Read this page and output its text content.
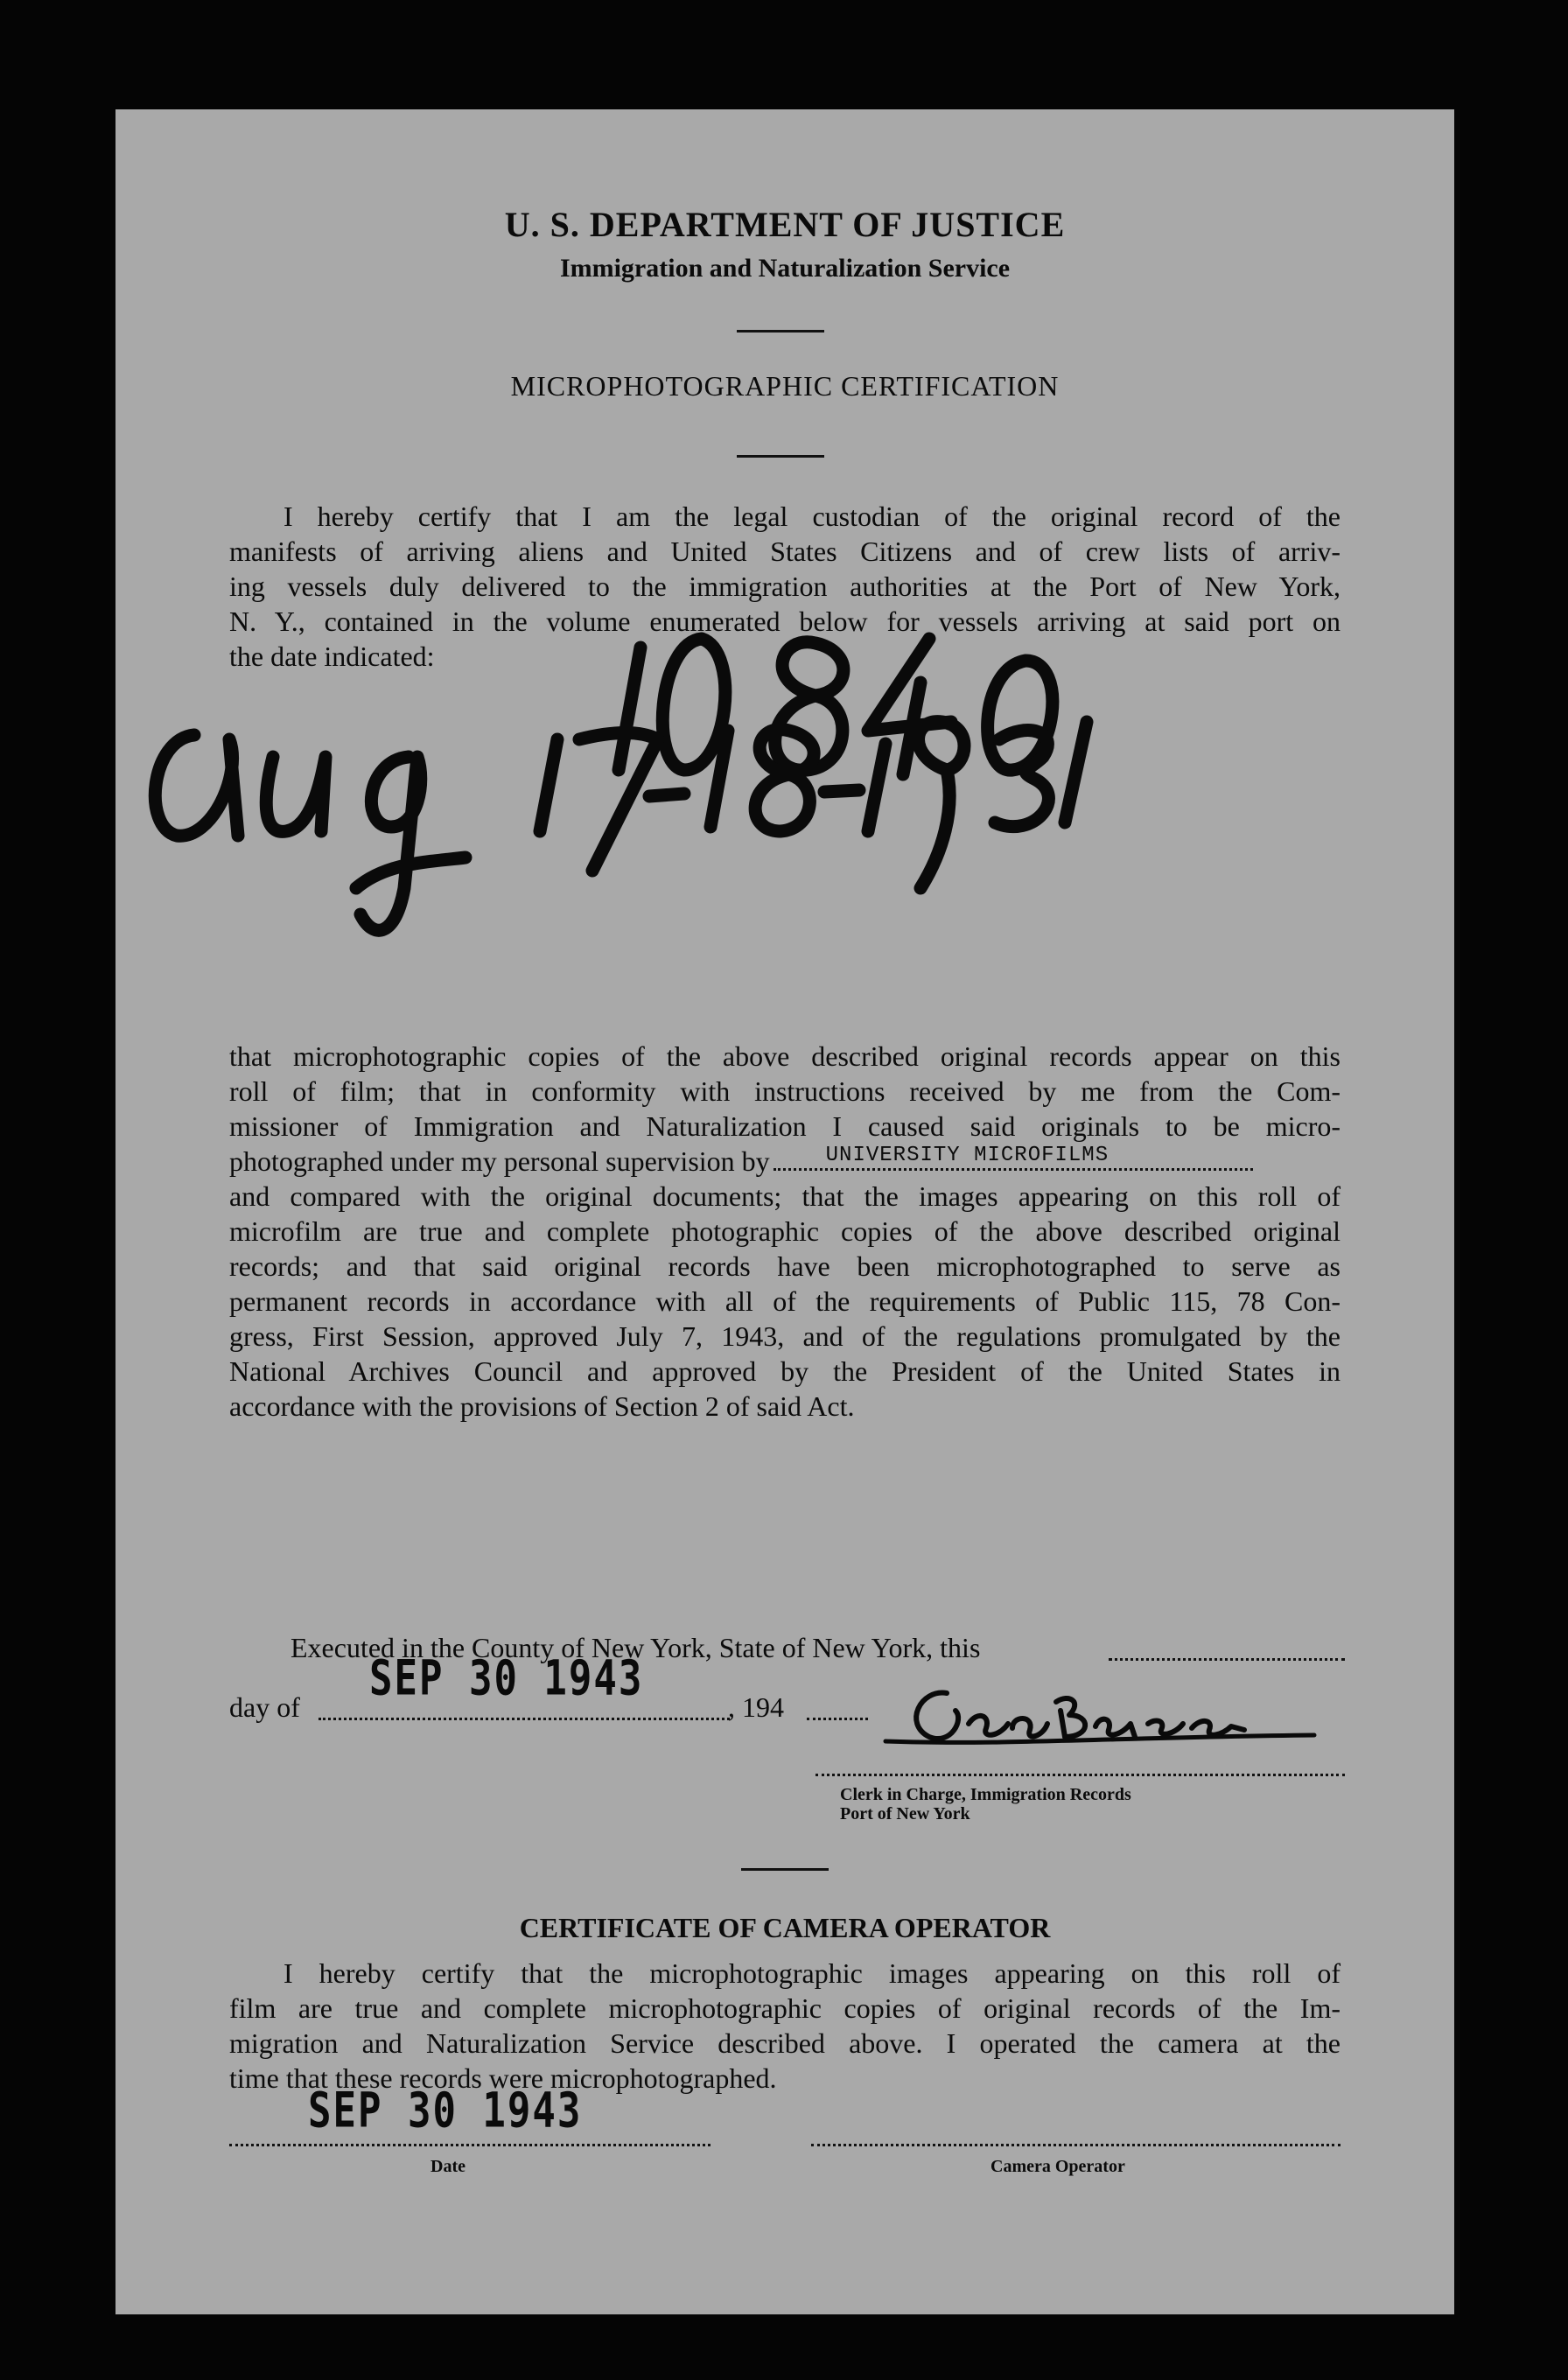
U. S. DEPARTMENT OF JUSTICE
Immigration and Naturalization Service
MICROPHOTOGRAPHIC CERTIFICATION
I hereby certify that I am the legal custodian of the original record of the
manifests of arriving aliens and United States Citizens and of crew lists of arriv-
ing vessels duly delivered to the immigration authorities at the Port of New York,
N. Y., contained in the volume enumerated below for vessels arriving at said port on
the date indicated:
that microphotographic copies of the above described original records appear on this
roll of film; that in conformity with instructions received by me from the Com-
missioner of Immigration and Naturalization I caused said originals to be micro-
photographed under my personal supervision by	UNIVERSITY MICROFILMS
and compared with the original documents; that the images appearing on this roll of
microfilm are true and complete photographic copies of the above described original
records; and that said original records have been microphotographed to serve as
permanent records in accordance with all of the requirements of Public 115, 78 Con-
gress, First Session, approved July 7, 1943, and of the regulations promulgated by the
National Archives Council and approved by the President of the United States in
accordance with the provisions of Section 2 of said Act.
Executed in the County of New York, State of New York, this
day of
SEP 30 1943
, 194
Clerk in Charge, Immigration Records
Port of New York
CERTIFICATE OF CAMERA OPERATOR
I hereby certify that the microphotographic images appearing on this roll of
film are true and complete microphotographic copies of original records of the Im-
migration and Naturalization Service described above. I operated the camera at the
time that these records were microphotographed.
SEP 30 1943
Date	Camera Operator
